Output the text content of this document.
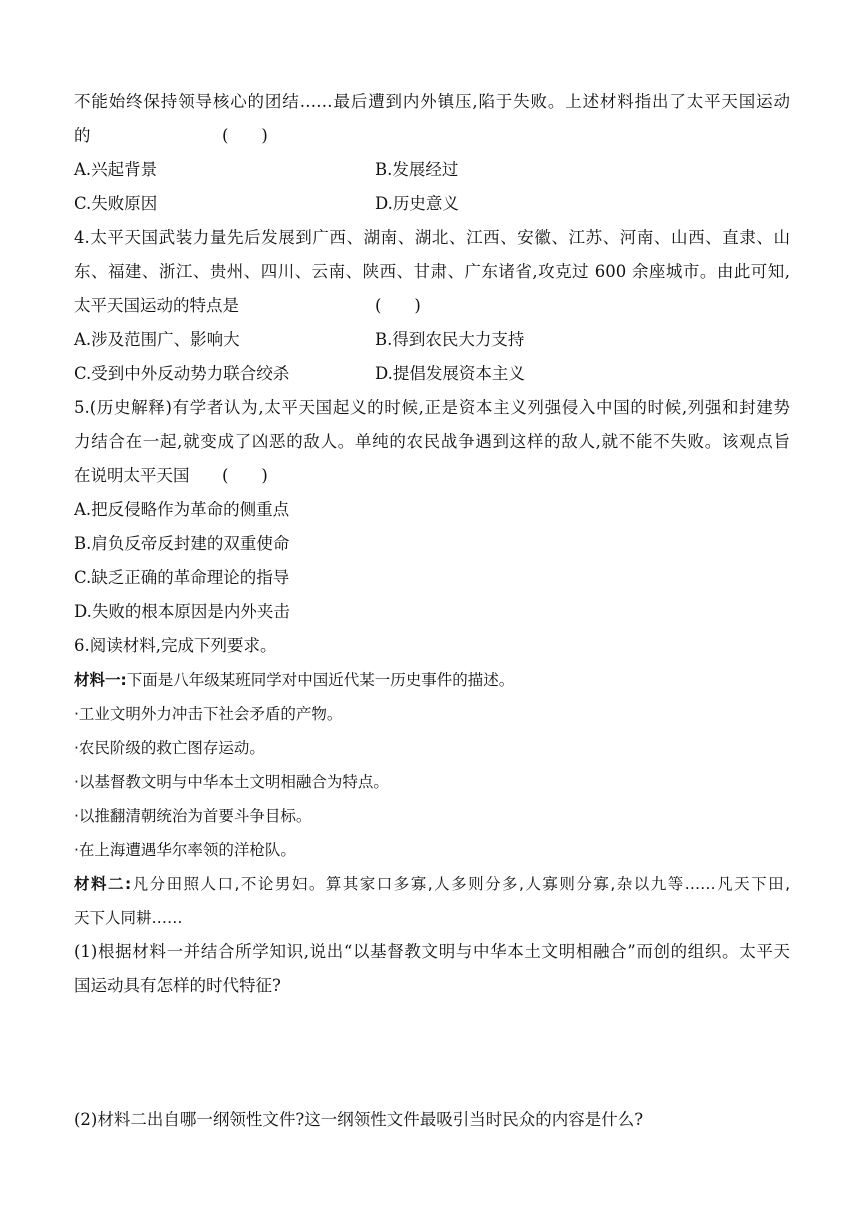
不能始终保持领导核心的团结……最后遭到内外镇压,陷于失败。上述材料指出了太平天国运动
的	(　　)
A.兴起背景	B.发展经过
C.失败原因	D.历史意义
4.太平天国武装力量先后发展到广西、湖南、湖北、江西、安徽、江苏、河南、山西、直隶、山
东、福建、浙江、贵州、四川、云南、陕西、甘肃、广东诸省,攻克过 600 余座城市。由此可知,
太平天国运动的特点是	(　　)
A.涉及范围广、影响大	B.得到农民大力支持
C.受到中外反动势力联合绞杀	D.提倡发展资本主义
5.(历史解释)有学者认为,太平天国起义的时候,正是资本主义列强侵入中国的时候,列强和封建势
力结合在一起,就变成了凶恶的敌人。单纯的农民战争遇到这样的敌人,就不能不失败。该观点旨
在说明太平天国 (　　)
A.把反侵略作为革命的侧重点
B.肩负反帝反封建的双重使命
C.缺乏正确的革命理论的指导
D.失败的根本原因是内外夹击
6.阅读材料,完成下列要求。
材料一:下面是八年级某班同学对中国近代某一历史事件的描述。
·工业文明外力冲击下社会矛盾的产物。
·农民阶级的救亡图存运动。
·以基督教文明与中华本土文明相融合为特点。
·以推翻清朝统治为首要斗争目标。
·在上海遭遇华尔率领的洋枪队。
材料二:凡分田照人口,不论男妇。算其家口多寡,人多则分多,人寡则分寡,杂以九等……凡天下田,
天下人同耕……
(1)根据材料一并结合所学知识,说出“以基督教文明与中华本土文明相融合”而创的组织。太平天
国运动具有怎样的时代特征?
(2)材料二出自哪一纲领性文件?这一纲领性文件最吸引当时民众的内容是什么?
